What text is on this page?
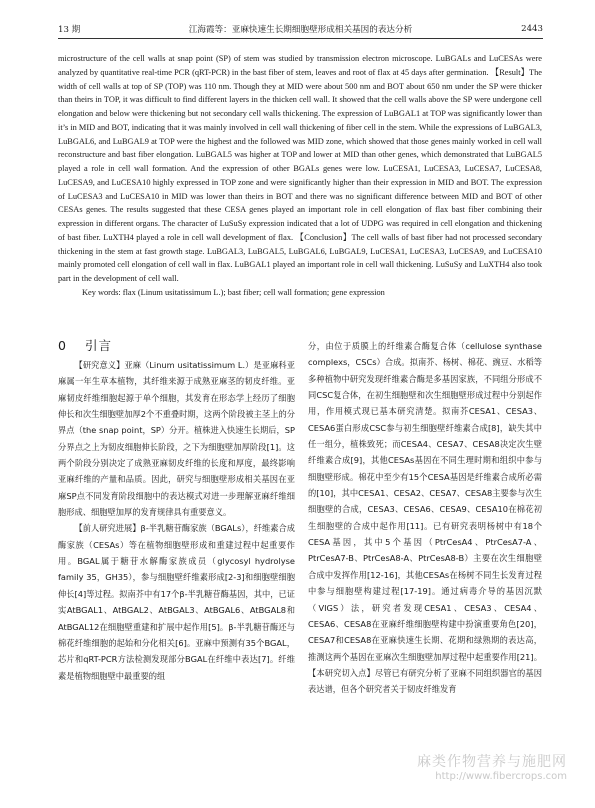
13 期	江海霞等：亚麻快速生长期细胞壁形成相关基因的表达分析	2443

microstructure of the cell walls at snap point (SP) of stem was studied by transmission electron microscope. LuBGALs and LuCESAs were analyzed by quantitative real-time PCR (qRT-PCR) in the bast fiber of stem, leaves and root of flax at 45 days after germination. 【Result】The width of cell walls at top of SP (TOP) was 110 nm. Though they at MID were about 500 nm and BOT about 650 nm under the SP were thicker than theirs in TOP, it was difficult to find different layers in the thicken cell wall. It showed that the cell walls above the SP were undergone cell elongation and below were thickening but not secondary cell walls thickening. The expression of LuBGAL1 at TOP was significantly lower than it’s in MID and BOT, indicating that it was mainly involved in cell wall thickening of fiber cell in the stem. While the expressions of LuBGAL3, LuBGAL6, and LuBGAL9 at TOP were the highest and the followed was MID zone, which showed that those genes mainly worked in cell wall reconstructure and bast fiber elongation. LuBGAL5 was higher at TOP and lower at MID than other genes, which demonstrated that LuBGAL5 played a role in cell wall formation. And the expression of other BGALs genes were low. LuCESA1, LuCESA3, LuCESA7, LuCESA8, LuCESA9, and LuCESA10 highly expressed in TOP zone and were significantly higher than their expression in MID and BOT. The expression of LuCESA3 and LuCESA10 in MID was lower than theirs in BOT and there was no significant difference between MID and BOT of other CESAs genes. The results suggested that these CESA genes played an important role in cell elongation of flax bast fiber combining their expression in different organs. The character of LuSuSy expression indicated that a lot of UDPG was required in cell elongation and thickening of bast fiber. LuXTH4 played a role in cell wall development of flax. 【Conclusion】The cell walls of bast fiber had not processed secondary thickening in the stem at fast growth stage. LuBGAL3, LuBGAL5, LuBGAL6, LuBGAL9, LuCESA1, LuCESA3, LuCESA9, and LuCESA10 mainly promoted cell elongation of cell wall in flax. LuBGAL1 played an important role in cell wall thickening. LuSuSy and LuXTH4 also took part in the development of cell wall.

Key words: flax (Linum usitatissimum L.); bast fiber; cell wall formation; gene expression

0 引言

【研究意义】亚麻（Linum usitatissimum L.）是亚麻科亚麻属一年生草本植物，其纤维来源于成熟亚麻茎的韧皮纤维。亚麻韧皮纤维细胞起源于单个细胞，其发育在形态学上经历了细胞伸长和次生细胞壁加厚2个不重叠时期，这两个阶段被主茎上的分界点（the snap point，SP）分开。植株进入快速生长期后，SP分界点之上为韧皮细胞伸长阶段，之下为细胞壁加厚阶段[1]。这两个阶段分别决定了成熟亚麻韧皮纤维的长度和厚度，最终影响亚麻纤维的产量和品质。因此，研究与细胞壁形成相关基因在亚麻SP点不同发育阶段细胞中的表达模式对进一步理解亚麻纤维细胞形成、细胞壁加厚的发育规律具有重要意义。

【前人研究进展】β-半乳糖苷酶家族（BGALs），纤维素合成酶家族（CESAs）等在植物细胞壁形成和重建过程中起重要作用。BGAL属于糖苷水解酶家族成员（glycosyl hydrolyse family 35，GH35），参与细胞壁纤维素形成[2-3]和细胞壁细胞伸长[4]等过程。拟南芥中有17个β-半乳糖苷酶基因，其中，已证实AtBGAL1、AtBGAL2、AtBGAL3、AtBGAL6、AtBGAL8和AtBGAL12在细胞壁重建和扩展中起作用[5]。β-半乳糖苷酶还与棉花纤维细胞的起始和分化相关[6]。亚麻中预测有35个BGAL，芯片和qRT-PCR方法检测发现部分BGAL在纤维中表达[7]。纤维素是植物细胞壁中最重要的组

分，由位于质膜上的纤维素合酶复合体（cellulose synthase complexs，CSCs）合成。拟南芥、杨树、棉花、豌豆、水稻等多种植物中研究发现纤维素合酶是多基因家族，不同组分形成不同CSC复合体，在初生细胞壁和次生细胞壁形成过程中分别起作用，作用模式现已基本研究清楚。拟南芥CESA1、CESA3、CESA6蛋白形成CSC参与初生细胞壁纤维素合成[8]，缺失其中任一组分，植株致死；而CESA4、CESA7、CESA8决定次生壁纤维素合成[9]，其他CESAs基因在不同生理时期和组织中参与细胞壁形成。棉花中至少有15个CESA基因是纤维素合成所必需的[10]，其中CESA1、CESA2、CESA7、CESA8主要参与次生细胞壁的合成，CESA3、CESA6、CESA9、CESA10在棉花初生细胞壁的合成中起作用[11]。已有研究表明杨树中有18个CESA基因，其中5个基因（PtrCesA4、PtrCesA7-A、PtrCesA7-B、PtrCesA8-A、PtrCesA8-B）主要在次生细胞壁合成中发挥作用[12-16]，其他CESAs在杨树不同生长发育过程中参与细胞壁构建过程[17-19]。通过病毒介导的基因沉默（VIGS）法，研究者发现CESA1、CESA3、CESA4、CESA6、CESA8在亚麻纤维细胞壁构建中扮演重要角色[20]，CESA7和CESA8在亚麻快速生长期、花期和绿熟期的表达高，推测这两个基因在亚麻次生细胞壁加厚过程中起重要作用[21]。【本研究切入点】尽管已有研究分析了亚麻不同组织器官的基因表达谱，但各个研究者关于韧皮纤维发育

麻类作物营养与施肥网
http://www.fibercrops.com
